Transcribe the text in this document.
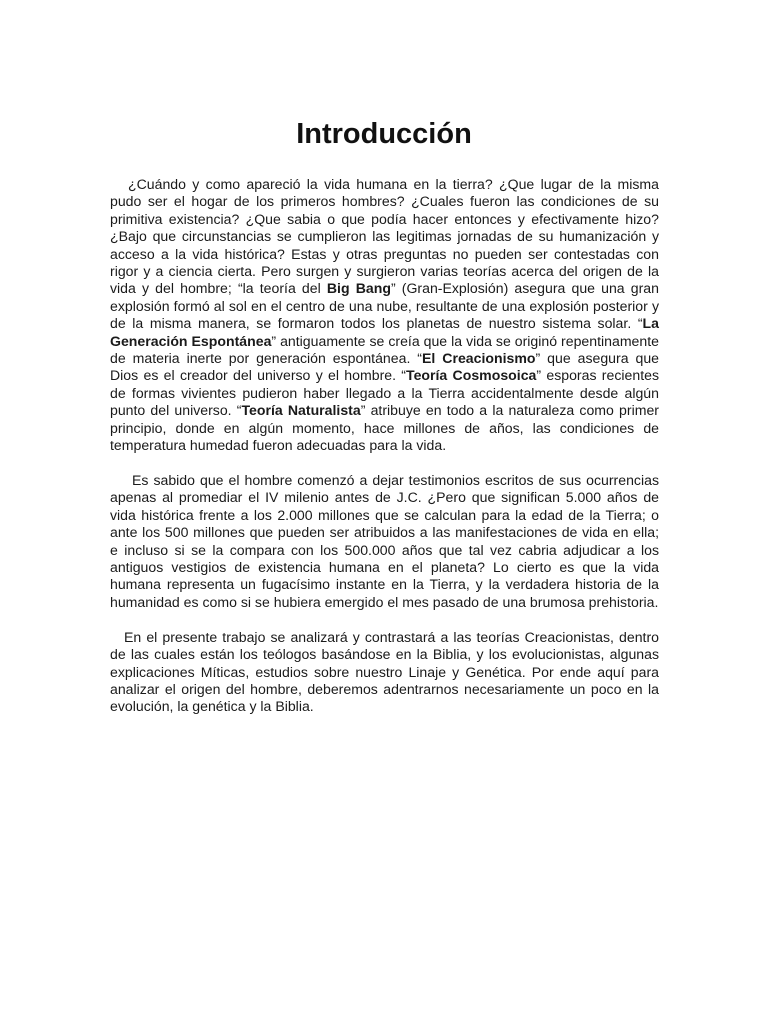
Introducción

¿Cuándo y como apareció la vida humana en la tierra? ¿Que lugar de la misma pudo ser el hogar de los primeros hombres? ¿Cuales fueron las condiciones de su primitiva existencia? ¿Que sabia o que podía hacer entonces y efectivamente hizo? ¿Bajo que circunstancias se cumplieron las legitimas jornadas de su humanización y acceso a la vida histórica? Estas y otras preguntas no pueden ser contestadas con rigor y a ciencia cierta. Pero surgen y surgieron varias teorías acerca del origen de la vida y del hombre; “la teoría del Big Bang” (Gran-Explosión) asegura que una gran explosión formó al sol en el centro de una nube, resultante de una explosión posterior y de la misma manera, se formaron todos los planetas de nuestro sistema solar. “La Generación Espontánea” antiguamente se creía que la vida se originó repentinamente de materia inerte por generación espontánea. “El Creacionismo” que asegura que Dios es el creador del universo y el hombre. “Teoría Cosmosoica” esporas recientes de formas vivientes pudieron haber llegado a la Tierra accidentalmente desde algún punto del universo. “Teoría Naturalista” atribuye en todo a la naturaleza como primer principio, donde en algún momento, hace millones de años, las condiciones de temperatura humedad fueron adecuadas para la vida.

Es sabido que el hombre comenzó a dejar testimonios escritos de sus ocurrencias apenas al promediar el IV milenio antes de J.C. ¿Pero que significan 5.000 años de vida histórica frente a los 2.000 millones que se calculan para la edad de la Tierra; o ante los 500 millones que pueden ser atribuidos a las manifestaciones de vida en ella; e incluso si se la compara con los 500.000 años que tal vez cabria adjudicar a los antiguos vestigios de existencia humana en el planeta? Lo cierto es que la vida humana representa un fugacísimo instante en la Tierra, y la verdadera historia de la humanidad es como si se hubiera emergido el mes pasado de una brumosa prehistoria.

En el presente trabajo se analizará y contrastará a las teorías Creacionistas, dentro de las cuales están los teólogos basándose en la Biblia, y los evolucionistas, algunas explicaciones Míticas, estudios sobre nuestro Linaje y Genética. Por ende aquí para analizar el origen del hombre, deberemos adentrarnos necesariamente un poco en la evolución, la genética y la Biblia.
